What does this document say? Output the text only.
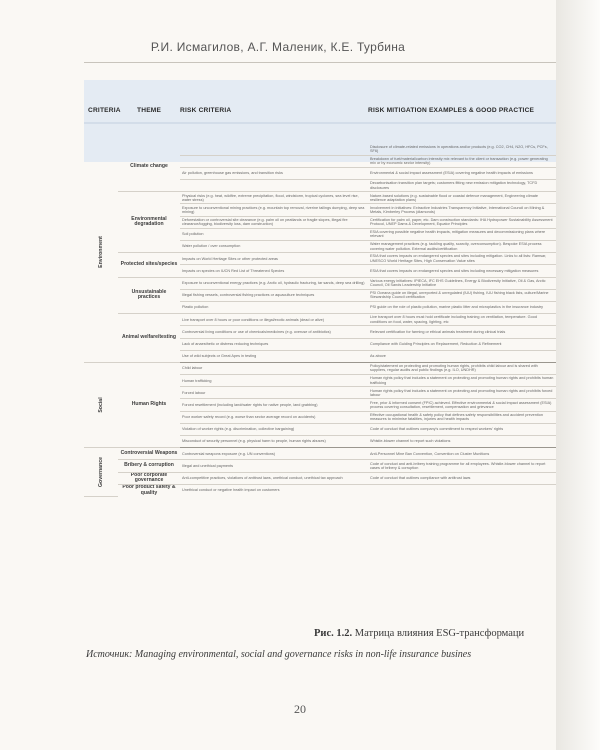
Р.И. Исмагилов, А.Г. Маленик, К.Е. Турбина
CRITERIA THEME	RISK CRITERIA	RISK MITIGATION EXAMPLES & GOOD PRACTICE
Environment	Climate change		Disclosure of climate-related emissions in operations and/or products (e.g. CO2, CH4, N2O, HFCs, PCFs, SF6)
			Breakdown of fuel/material/carbon intensity mix relevant to the client or transaction (e.g. power generating mix or by economic sector intensity)
		Air pollution, greenhouse gas emissions, and transition risks	Environmental & social impact assessment (ESIA) covering negative health impacts of emissions
			Decarbonisation transition plan targets; customers fitting new emission mitigation technology, TCFD disclosures
	Environmental degradation	Physical risks (e.g. heat, wildfire, extreme precipitation, flood, windstorm, tropical cyclones, sea level rise, water stress)	Nature-based solutions (e.g. sustainable flood or coastal defence management, Engineering climate resilience adaptation plans)
		Exposure to unconventional mining practices (e.g. mountain top removal, riverine tailings dumping, deep sea mining)	Involvement in initiatives: Extractive Industries Transparency Initiative, International Council on Mining & Metals, Kimberley Process (diamonds)
		Deforestation or controversial site clearance (e.g. palm oil on peatlands or fragile slopes, illegal fire clearance/logging, biodiversity loss, dam construction)	Certification for palm oil, paper, etc. Dam construction standards: IHA Hydropower Sustainability Assessment Protocol, UNEP Dams & Development, Equator Principles
		Soil pollution	ESIA covering possible negative health impacts, mitigation measures and decommissioning plans where relevant
		Water pollution / over consumption	Water management practices (e.g. tackling quality, scarcity, overconsumption). Bespoke ESIA process covering water pollution. External audits/certification
	Protected sites/species	Impacts on World Heritage Sites or other protected areas	ESIA that covers impacts on endangered species and sites including mitigation. Links to all lists: Ramsar, UNESCO World Heritage Sites, High Conservation Value sites
		Impacts on species on IUCN Red List of Threatened Species	ESIA that covers impacts on endangered species and sites including necessary mitigation measures
	Unsustainable practices	Exposure to unconventional energy practices (e.g. Arctic oil, hydraulic fracturing, tar sands, deep sea drilling)	Various energy initiatives: IPIECA, IFC EHS Guidelines, Energy & Biodiversity Initiative, Oil & Gas, Arctic Council, Oil Sands Leadership Initiative
		Illegal fishing vessels, controversial fishing practices or aquaculture techniques	PSI Oceana guide on illegal, unreported & unregulated (IUU) fishing, IUU fishing black lists, culture/Marine Stewardship Council certification
		Plastic pollution	PSI guide on the role of plastic pollution, marine plastic litter and microplastics in the insurance industry
	Animal welfare/testing	Live transport over 8 hours or poor conditions or illegal/exotic animals (dead or alive)	Live transport over 8 hours must hold certificate including training on ventilation, temperature. Good conditions on food, water, spacing, lighting, etc
		Controversial living conditions or use of chemicals/medicines (e.g. overuse of antibiotics)	Relevant certification for farming or ethical animals treatment during clinical trials
		Lack of anaesthetic or distress reducing techniques	Compliance with Guiding Principles on Replacement, Reduction & Refinement
		Use of wild subjects or Great Apes in testing	As above

Social	Human Rights	Child labour	Policy/statement on protecting and promoting human rights, prohibits child labour and is shared with suppliers, regular audits and public findings (e.g. ILO, UNDHR)
		Human trafficking	Human rights policy that includes a statement on protecting and promoting human rights and prohibits human trafficking
		Forced labour	Human rights policy that includes a statement on protecting and promoting human rights and prohibits forced labour
		Forced resettlement (including land/water rights for native people, land grabbing)	Free, prior & informed consent (FPIC) achieved. Effective environmental & social impact assessment (ESIA) process covering consultation, resettlement, compensation and grievance
		Poor worker safety record (e.g. worse than sector average record on accidents)	Effective occupational health & safety policy that defines safety responsibilities and accident prevention measures to minimise fatalities, injuries and health impacts
		Violation of worker rights (e.g. discrimination, collective bargaining)	Code of conduct that outlines company's commitment to respect workers' rights
		Misconduct of security personnel (e.g. physical harm to people, human rights abuses)	Whistle-blower channel to report such violations

Governance	Controversial Weapons	Controversial weapons exposure (e.g. UN conventions)	Anti-Personnel Mine Ban Convention, Convention on Cluster Munitions
	Bribery & corruption	Illegal and unethical payments	Code of conduct and anti-bribery training programme for all employees. Whistle-blower channel to report cases of bribery & corruption
	Poor corporate governance	Anti-competitive practices, violations of antitrust laws, unethical conduct, unethical tax approach	Code of conduct that outlines compliance with antitrust laws
	Poor product safety & quality	Unethical conduct or negative health impact on customers	
Рис. 1.2. Матрица влияния ESG-трансформаци
Источник: Managing environmental, social and governance risks in non-life insurance busines
20
